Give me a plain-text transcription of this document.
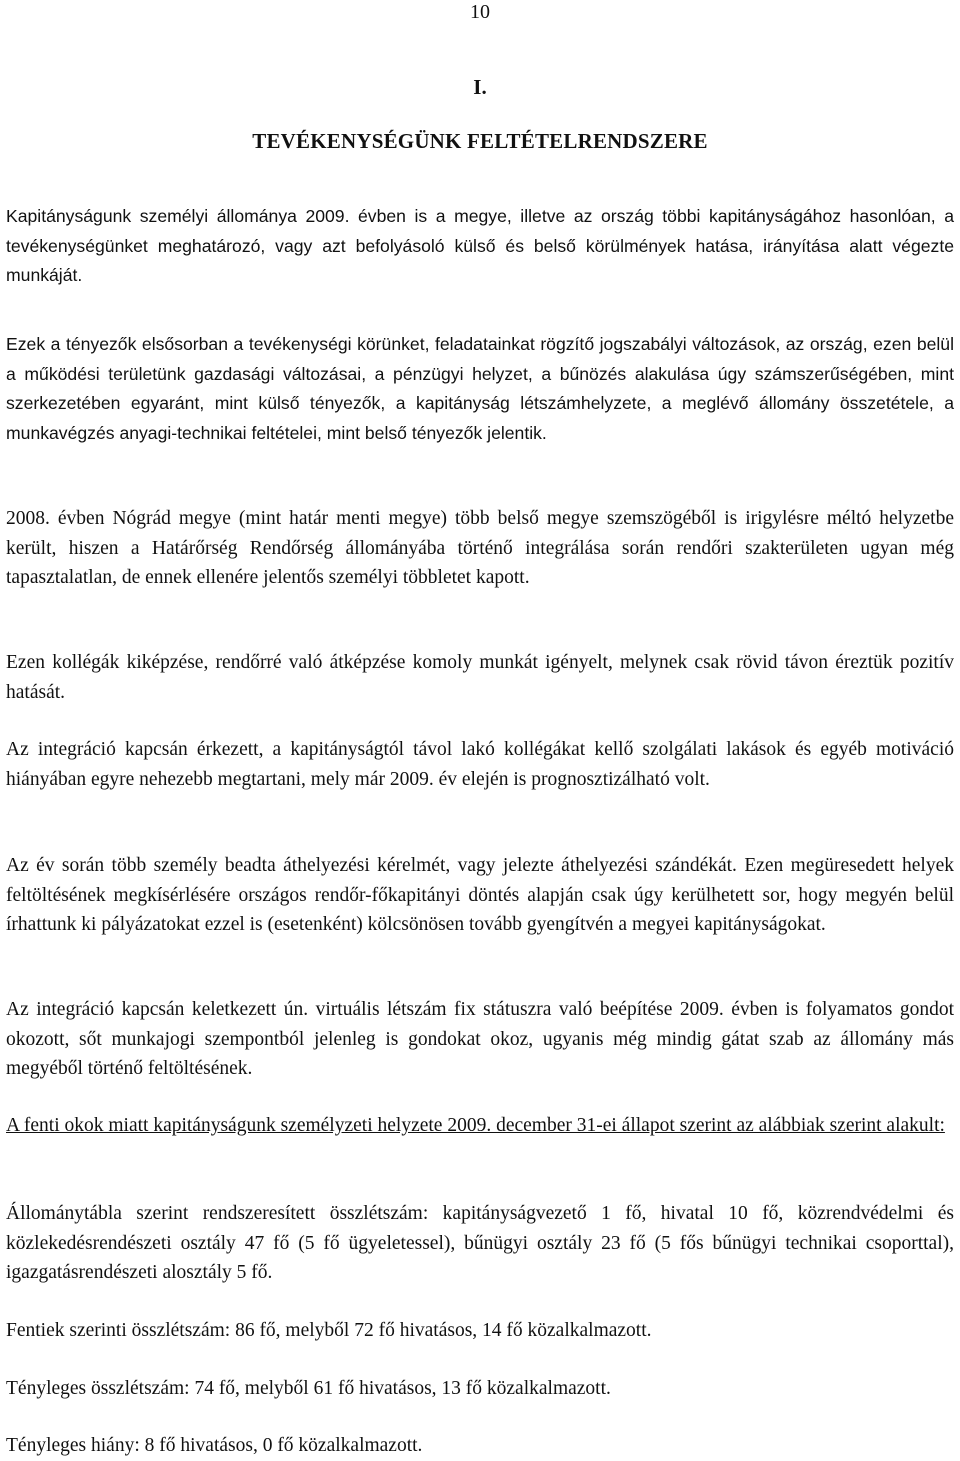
10
I.
TEVÉKENYSÉGÜNK FELTÉTELRENDSZERE

Kapitányságunk személyi állománya 2009. évben is a megye, illetve az ország többi kapitányságához hasonlóan, a tevékenységünket meghatározó, vagy azt befolyásoló külső és belső körülmények hatása, irányítása alatt végezte munkáját.

Ezek a tényezők elsősorban a tevékenységi körünket, feladatainkat rögzítő jogszabályi változások, az ország, ezen belül a működési területünk gazdasági változásai, a pénzügyi helyzet, a bűnözés alakulása úgy számszerűségében, mint szerkezetében egyaránt, mint külső tényezők, a kapitányság létszámhelyzete, a meglévő állomány összetétele, a munkavégzés anyagi-technikai feltételei, mint belső tényezők jelentik.

2008. évben Nógrád megye (mint határ menti megye) több belső megye szemszögéből is irigylésre méltó helyzetbe került, hiszen a Határőrség Rendőrség állományába történő integrálása során rendőri szakterületen ugyan még tapasztalatlan, de ennek ellenére jelentős személyi többletet kapott.

Ezen kollégák kiképzése, rendőrré való átképzése komoly munkát igényelt, melynek csak rövid távon éreztük pozitív hatását.

Az integráció kapcsán érkezett, a kapitányságtól távol lakó kollégákat kellő szolgálati lakások és egyéb motiváció hiányában egyre nehezebb megtartani, mely már 2009. év elején is prognosztizálható volt.

Az év során több személy beadta áthelyezési kérelmét, vagy jelezte áthelyezési szándékát. Ezen megüresedett helyek feltöltésének megkísérlésére országos rendőr-főkapitányi döntés alapján csak úgy kerülhetett sor, hogy megyén belül írhattunk ki pályázatokat ezzel is (esetenként) kölcsönösen tovább gyengítvén a megyei kapitányságokat.

Az integráció kapcsán keletkezett ún. virtuális létszám fix státuszra való beépítése 2009. évben is folyamatos gondot okozott, sőt munkajogi szempontból jelenleg is gondokat okoz, ugyanis még mindig gátat szab az állomány más megyéből történő feltöltésének.

A fenti okok miatt kapitányságunk személyzeti helyzete 2009. december 31-ei állapot szerint az alábbiak szerint alakult:

Állománytábla szerint rendszeresített összlétszám: kapitányságvezető 1 fő, hivatal 10 fő, közrendvédelmi és közlekedésrendészeti osztály 47 fő (5 fő ügyeletessel), bűnügyi osztály 23 fő (5 fős bűnügyi technikai csoporttal), igazgatásrendészeti alosztály 5 fő.

Fentiek szerinti összlétszám: 86 fő, melyből 72 fő hivatásos, 14 fő közalkalmazott.

Tényleges összlétszám: 74 fő, melyből 61 fő hivatásos, 13 fő közalkalmazott.

Tényleges hiány: 8 fő hivatásos, 0 fő közalkalmazott.
